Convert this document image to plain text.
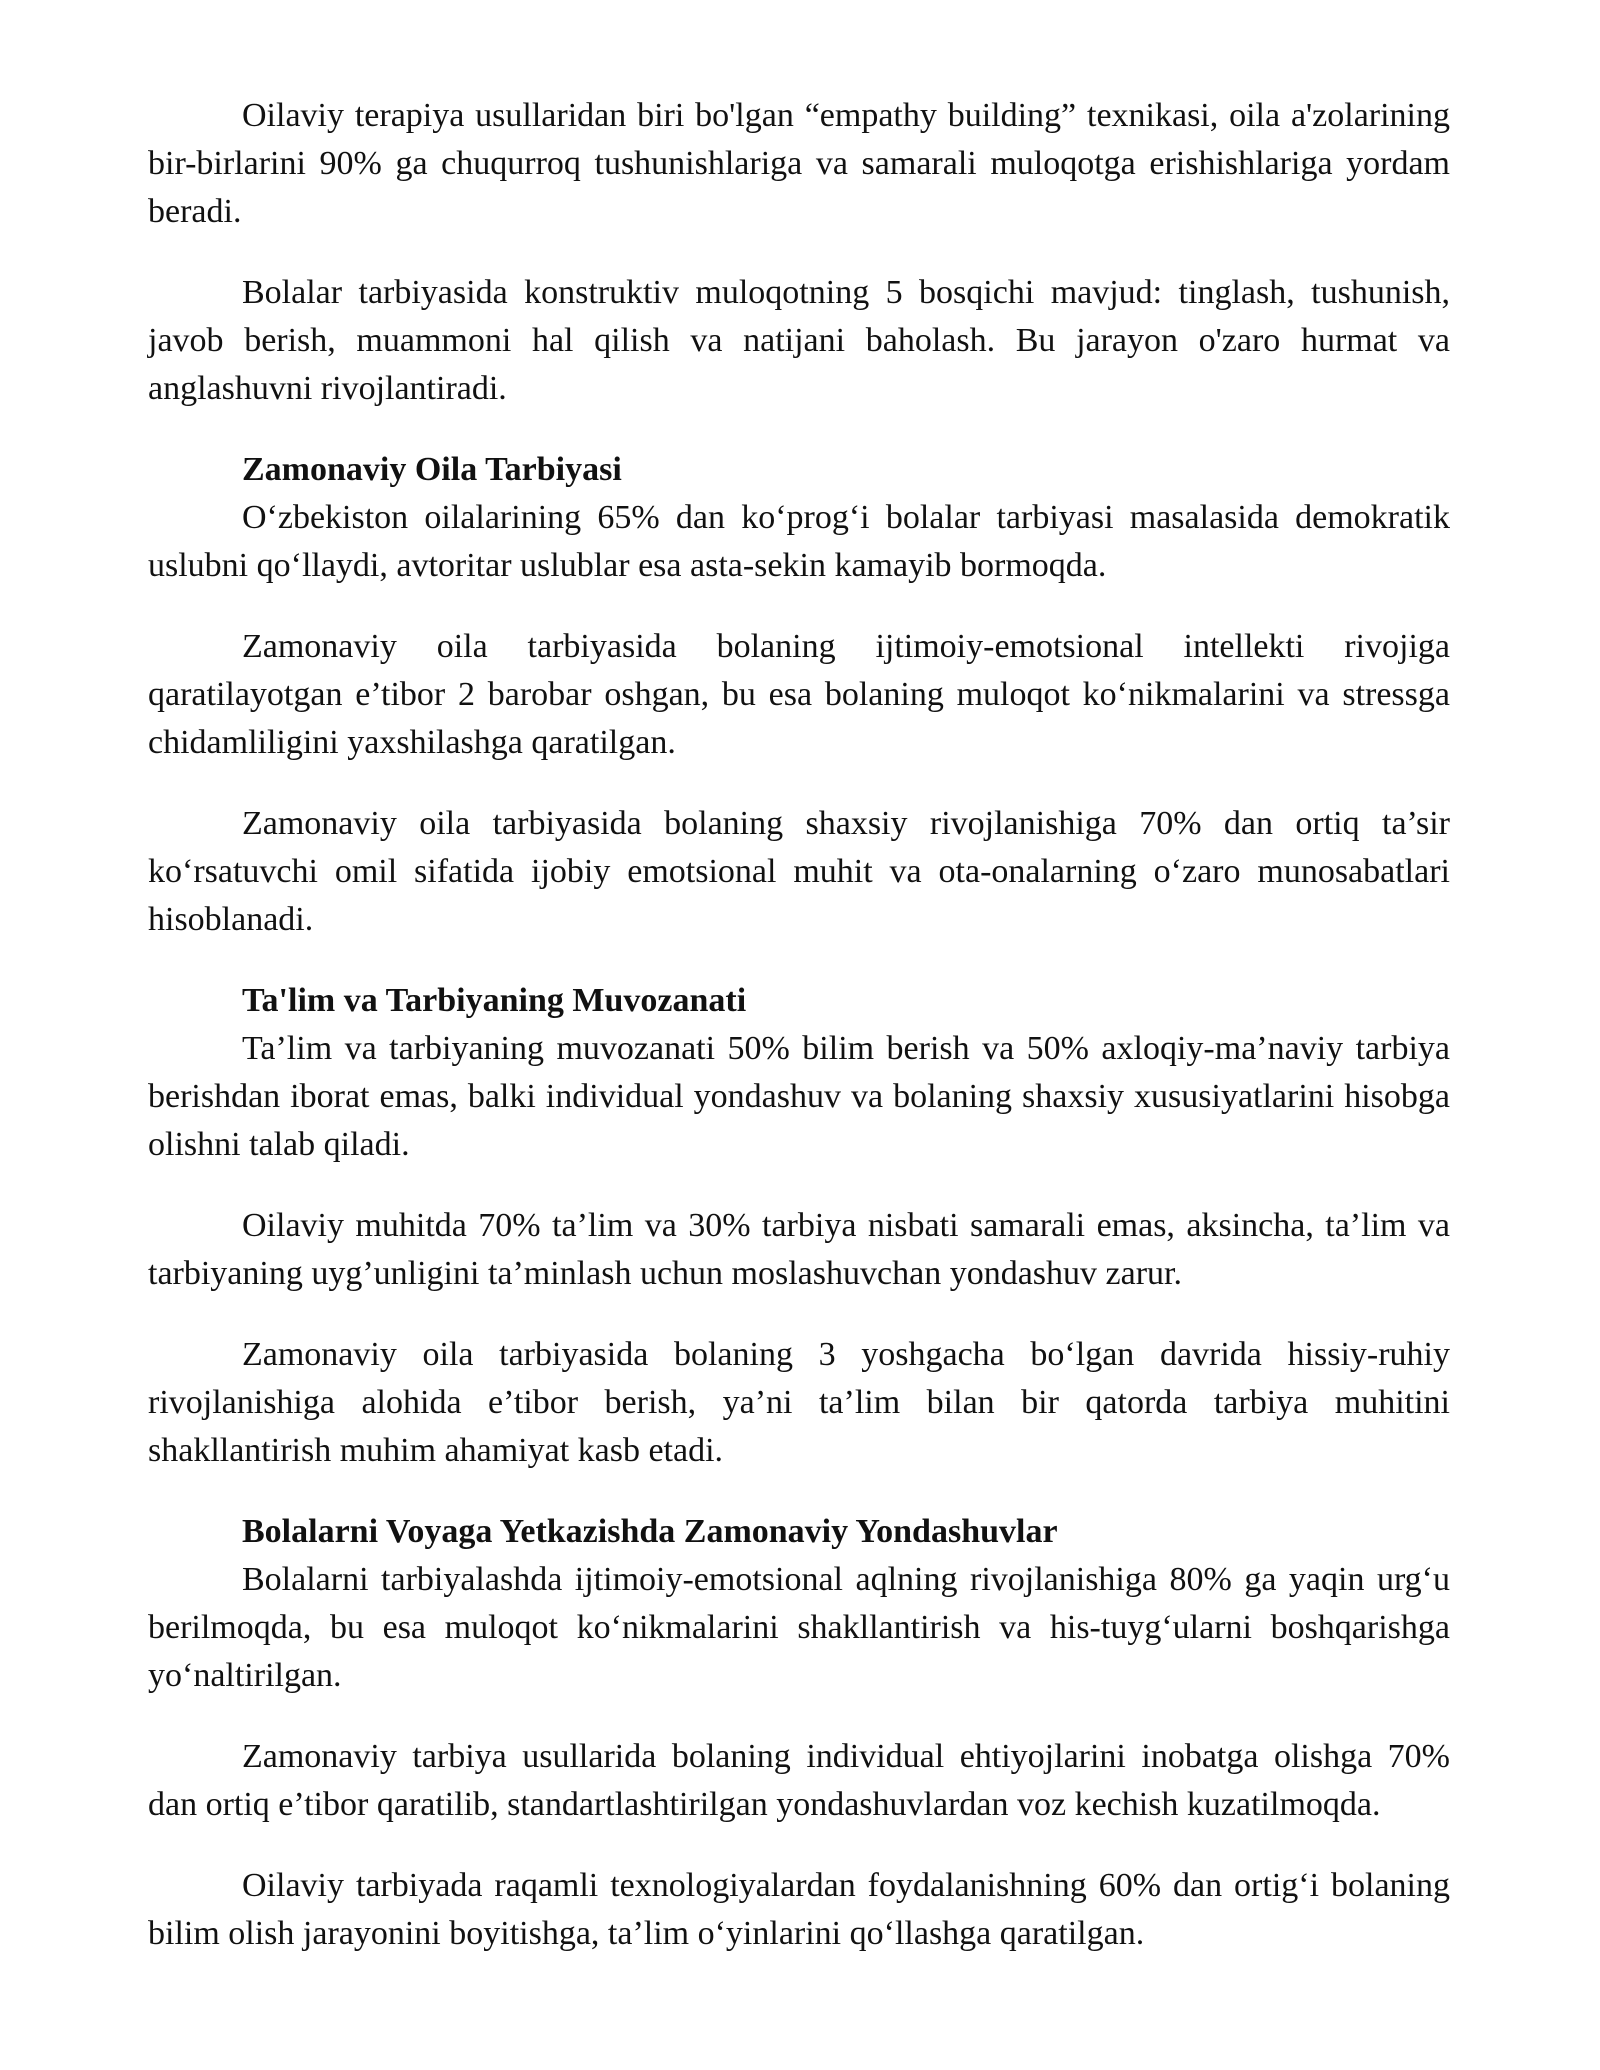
Oilaviy terapiya usullaridan biri bo'lgan “empathy building” texnikasi, oila a'zolarining bir-birlarini 90% ga chuqurroq tushunishlariga va samarali muloqotga erishishlariga yordam beradi.

Bolalar tarbiyasida konstruktiv muloqotning 5 bosqichi mavjud: tinglash, tushunish, javob berish, muammoni hal qilish va natijani baholash. Bu jarayon o'zaro hurmat va anglashuvni rivojlantiradi.

Zamonaviy Oila Tarbiyasi

O‘zbekiston oilalarining 65% dan ko‘prog‘i bolalar tarbiyasi masalasida demokratik uslubni qo‘llaydi, avtoritar uslublar esa asta-sekin kamayib bormoqda.

Zamonaviy oila tarbiyasida bolaning ijtimoiy-emotsional intellekti rivojiga qaratilayotgan e’tibor 2 barobar oshgan, bu esa bolaning muloqot ko‘nikmalarini va stressga chidamliligini yaxshilashga qaratilgan.

Zamonaviy oila tarbiyasida bolaning shaxsiy rivojlanishiga 70% dan ortiq ta’sir ko‘rsatuvchi omil sifatida ijobiy emotsional muhit va ota-onalarning o‘zaro munosabatlari hisoblanadi.

Ta'lim va Tarbiyaning Muvozanati

Ta’lim va tarbiyaning muvozanati 50% bilim berish va 50% axloqiy-ma’naviy tarbiya berishdan iborat emas, balki individual yondashuv va bolaning shaxsiy xususiyatlarini hisobga olishni talab qiladi.

Oilaviy muhitda 70% ta’lim va 30% tarbiya nisbati samarali emas, aksincha, ta’lim va tarbiyaning uyg’unligini ta’minlash uchun moslashuvchan yondashuv zarur.

Zamonaviy oila tarbiyasida bolaning 3 yoshgacha bo‘lgan davrida hissiy-ruhiy rivojlanishiga alohida e’tibor berish, ya’ni ta’lim bilan bir qatorda tarbiya muhitini shakllantirish muhim ahamiyat kasb etadi.

Bolalarni Voyaga Yetkazishda Zamonaviy Yondashuvlar

Bolalarni tarbiyalashda ijtimoiy-emotsional aqlning rivojlanishiga 80% ga yaqin urg‘u berilmoqda, bu esa muloqot ko‘nikmalarini shakllantirish va his-tuyg‘ularni boshqarishga yo‘naltirilgan.

Zamonaviy tarbiya usullarida bolaning individual ehtiyojlarini inobatga olishga 70% dan ortiq e’tibor qaratilib, standartlashtirilgan yondashuvlardan voz kechish kuzatilmoqda.

Oilaviy tarbiyada raqamli texnologiyalardan foydalanishning 60% dan ortig‘i bolaning bilim olish jarayonini boyitishga, ta’lim o‘yinlarini qo‘llashga qaratilgan.
